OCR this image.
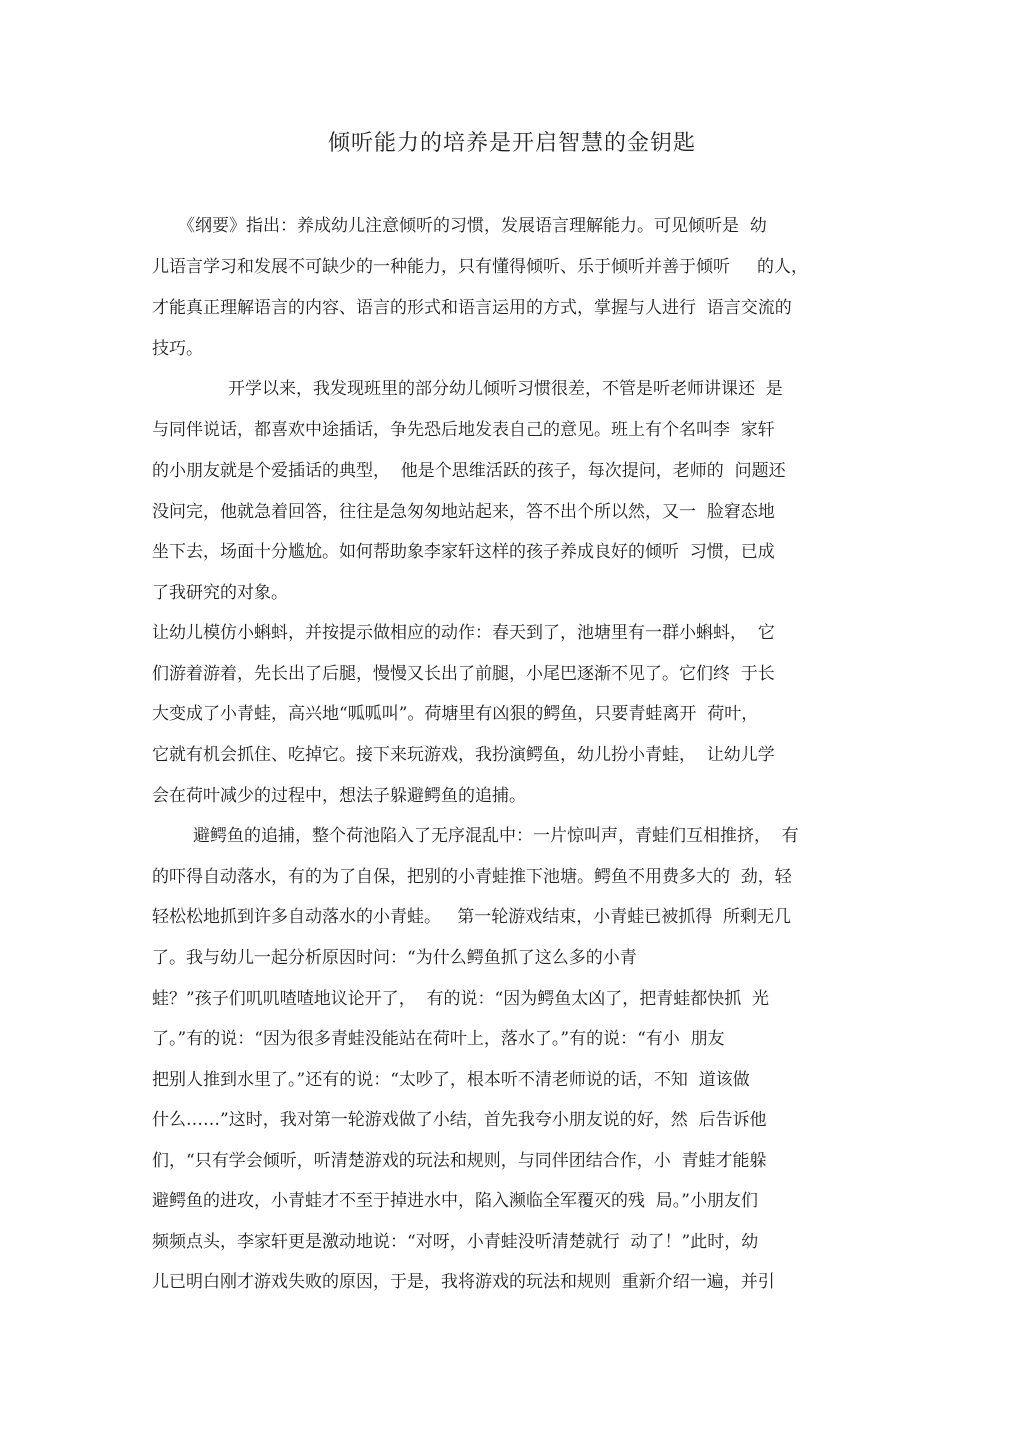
倾听能力的培养是开启智慧的金钥匙
《纲要》指出：养成幼儿注意倾听的习惯，发展语言理解能力。可见倾听是  幼
儿语言学习和发展不可缺少的一种能力，只有懂得倾听、乐于倾听并善于倾听     的人，
才能真正理解语言的内容、语言的形式和语言运用的方式，掌握与人进行  语言交流的
技巧。
开学以来，我发现班里的部分幼儿倾听习惯很差，不管是听老师讲课还  是
与同伴说话，都喜欢中途插话，争先恐后地发表自己的意见。班上有个名叫李  家轩
的小朋友就是个爱插话的典型，  他是个思维活跃的孩子，每次提问，老师的  问题还
没问完，他就急着回答，往往是急匆匆地站起来，答不出个所以然，又一  脸窘态地
坐下去，场面十分尴尬。如何帮助象李家轩这样的孩子养成良好的倾听  习惯，已成
了我研究的对象。
让幼儿模仿小蝌蚪，并按提示做相应的动作：春天到了，池塘里有一群小蝌蚪，  它
们游着游着，先长出了后腿，慢慢又长出了前腿，小尾巴逐渐不见了。它们终  于长
大变成了小青蛙，高兴地“呱呱叫”。荷塘里有凶狠的鳄鱼，只要青蛙离开  荷叶，
它就有机会抓住、吃掉它。接下来玩游戏，我扮演鳄鱼，幼儿扮小青蛙，  让幼儿学
会在荷叶减少的过程中，想法子躲避鳄鱼的追捕。
避鳄鱼的追捕，整个荷池陷入了无序混乱中：一片惊叫声，青蛙们互相推挤，  有
的吓得自动落水，有的为了自保，把别的小青蛙推下池塘。鳄鱼不用费多大的  劲，轻
轻松松地抓到许多自动落水的小青蛙。   第一轮游戏结束，小青蛙已被抓得  所剩无几
了。我与幼儿一起分析原因时问：“为什么鳄鱼抓了这么多的小青
蛙？”孩子们叽叽喳喳地议论开了，  有的说：“因为鳄鱼太凶了，把青蛙都快抓  光
了。”有的说：“因为很多青蛙没能站在荷叶上，落水了。”有的说：“有小  朋友
把别人推到水里了。”还有的说：“太吵了，根本听不清老师说的话，不知  道该做
什么……”这时，我对第一轮游戏做了小结，首先我夸小朋友说的好，然  后告诉他
们，“只有学会倾听，听清楚游戏的玩法和规则，与同伴团结合作，小  青蛙才能躲
避鳄鱼的进攻，小青蛙才不至于掉进水中，陷入濒临全军覆灭的残  局。”小朋友们
频频点头，李家轩更是激动地说：“对呀，小青蛙没听清楚就行  动了！”此时，幼
儿已明白刚才游戏失败的原因，于是，我将游戏的玩法和规则  重新介绍一遍，并引
